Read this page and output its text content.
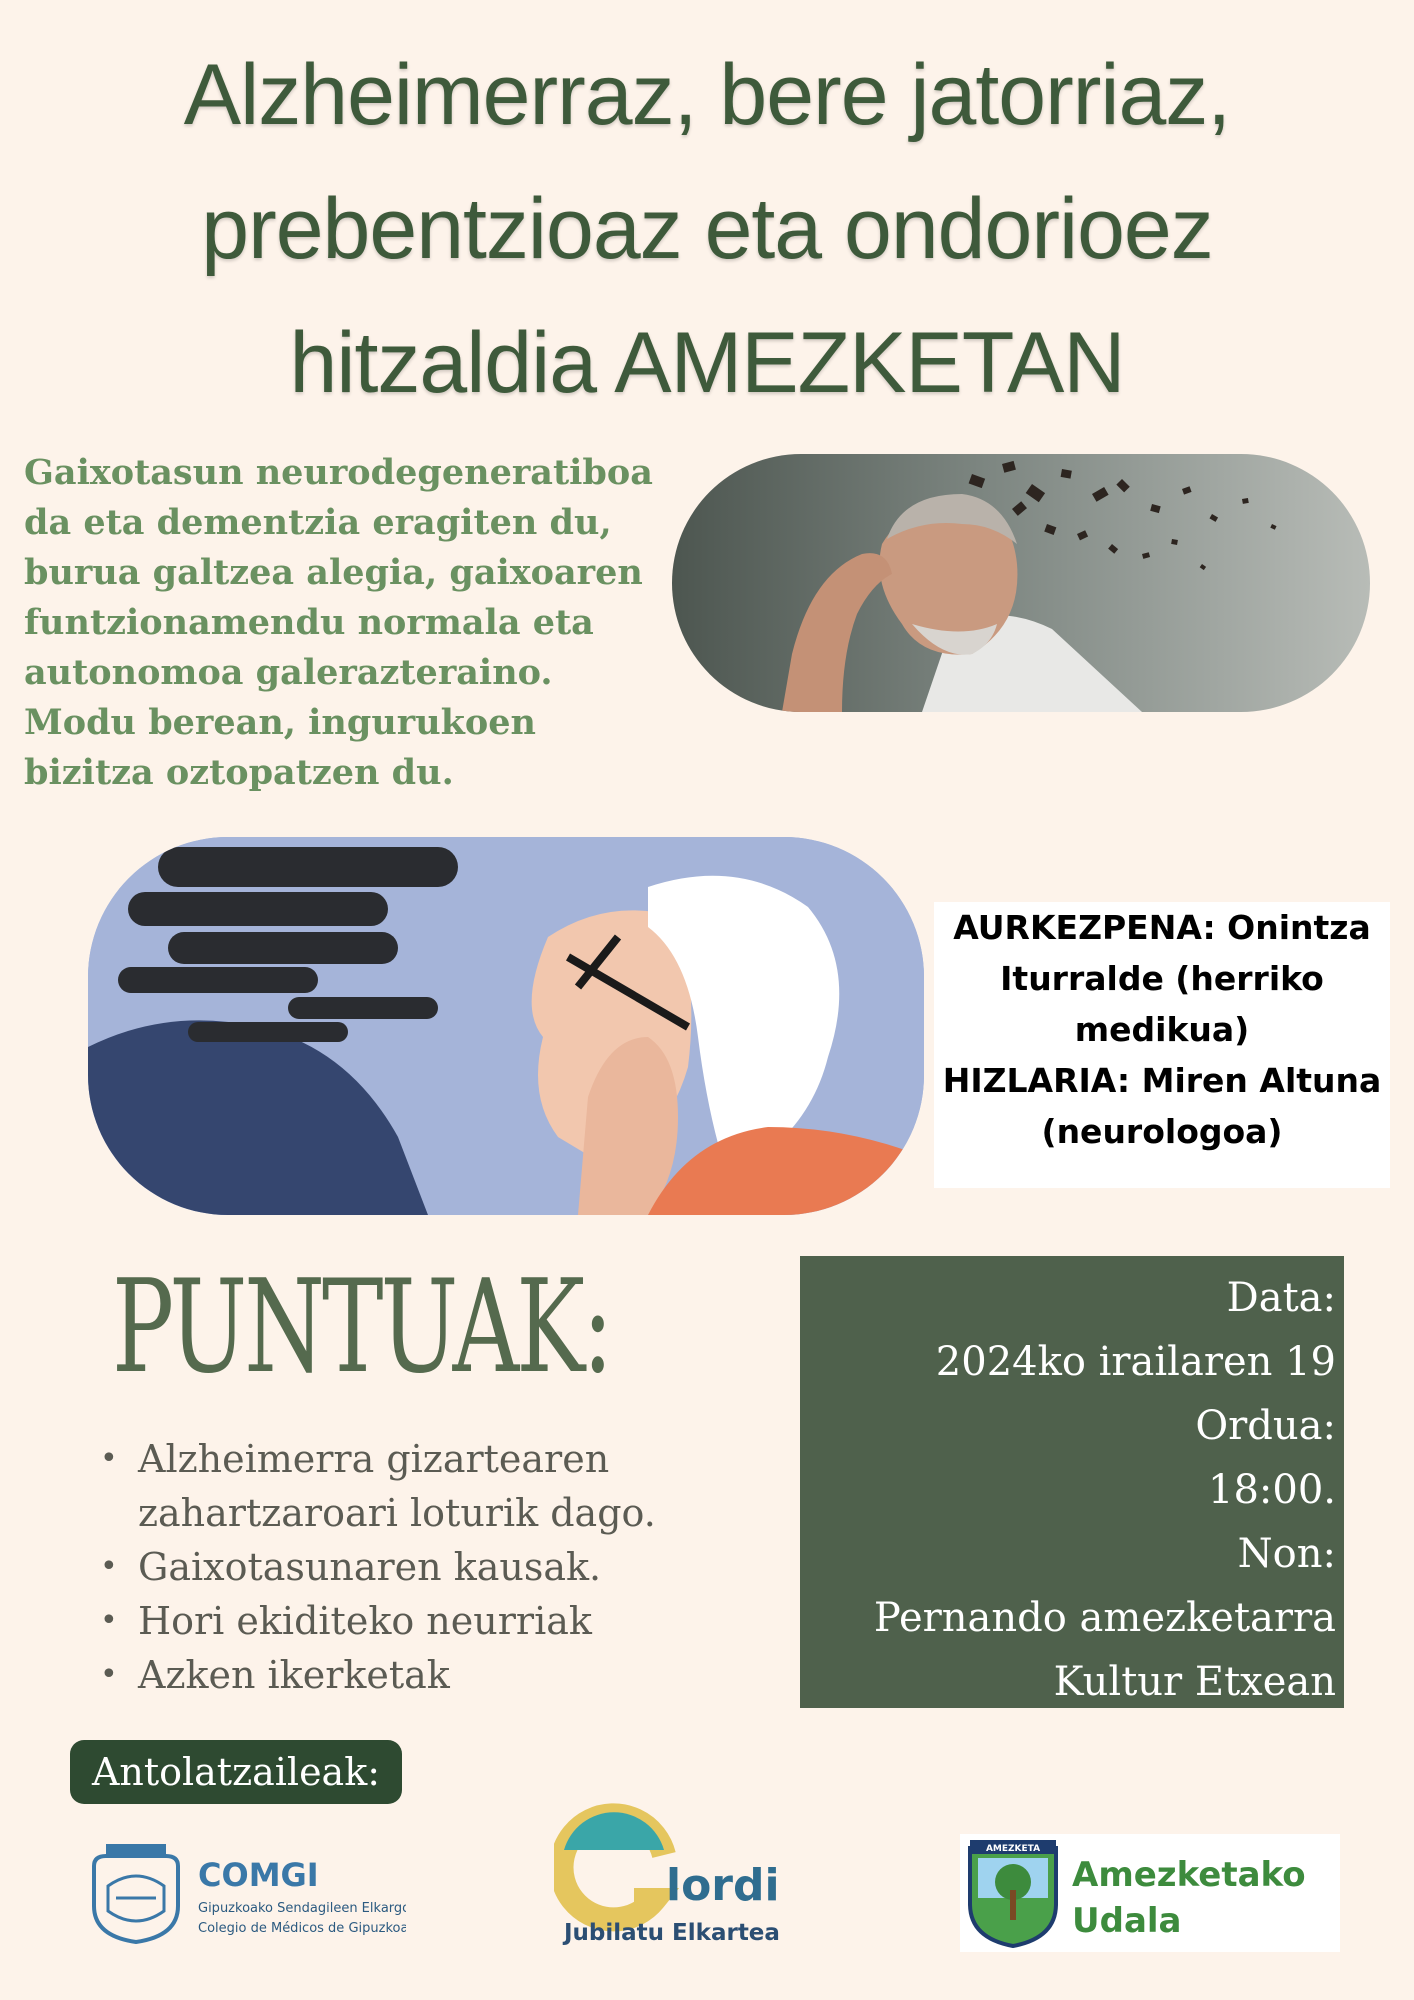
Alzheimerraz, bere jatorriaz,
prebentzioaz eta ondorioez
hitzaldia AMEZKETAN

Gaixotasun neurodegeneratiboa
da eta dementzia eragiten du,
burua galtzea alegia, gaixoaren
funtzionamendu normala eta
autonomoa galerazteraino.
Modu berean, ingurukoen
bizitza oztopatzen du.

AURKEZPENA: Onintza
Iturralde (herriko
medikua)
HIZLARIA: Miren Altuna
(neurologoa)
PUNTUAK:
• Alzheimerra gizartearen zahartzaroari loturik dago.
• Gaixotasunaren kausak.
• Hori ekiditeko neurriak
• Azken ikerketak
Data:
2024ko irailaren 19
Ordua:
18:00.
Non:
Pernando amezketarra
Kultur Etxean
Antolatzaileak:
COMGI
Gipuzkoako Sendagileen Elkargoa
Colegio de Médicos de Gipuzkoa
lordi
Jubilatu Elkartea
AMEZKETA
Amezketako
Udala
